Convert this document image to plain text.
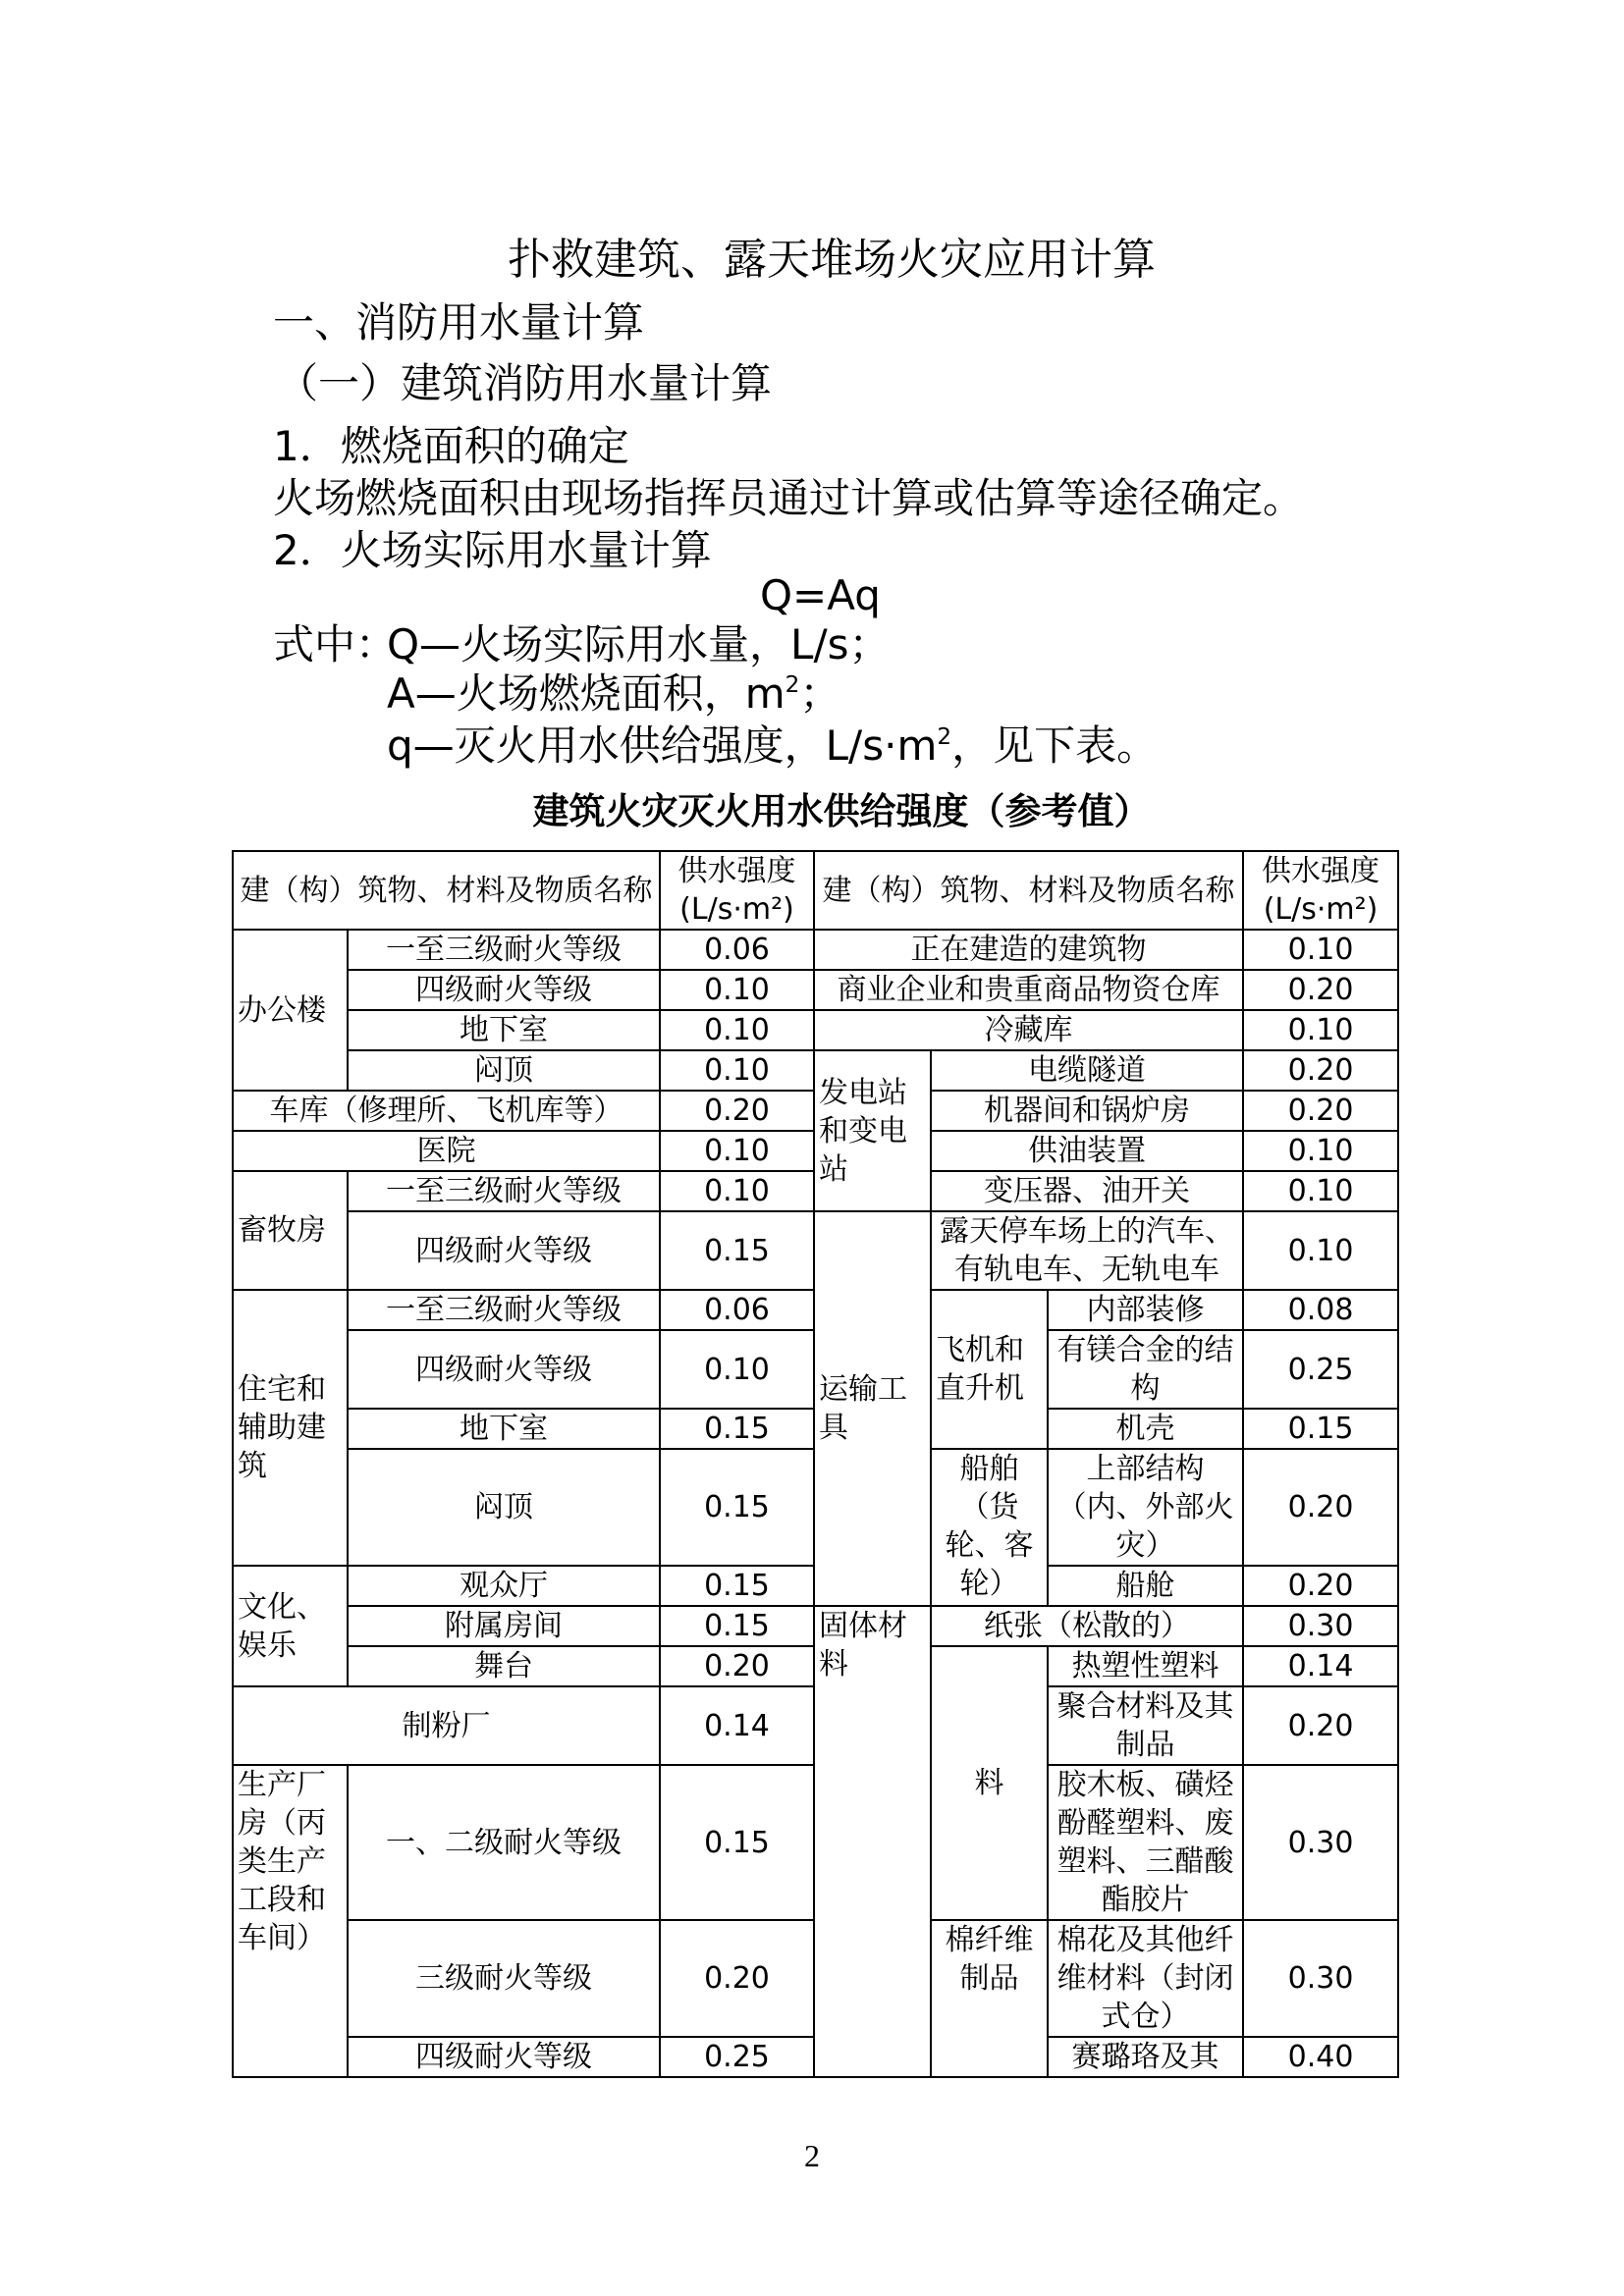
扑救建筑、露天堆场火灾应用计算
一、消防用水量计算
（一）建筑消防用水量计算
1．燃烧面积的确定
火场燃烧面积由现场指挥员通过计算或估算等途径确定。
2．火场实际用水量计算
Q=Aq
式中：
Q—火场实际用水量，L/s；
A—火场燃烧面积，$m^2$；
q—灭火用水供给强度，$L/s\cdot m^2$，见下表。
建筑火灾灭火用水供给强度（参考值）
建（构）筑物、材料及物质名称		供水强度(L/s·m²)	建（构）筑物、材料及物质名称			供水强度(L/s·m²)
办公楼	一至三级耐火等级	0.06	正在建造的建筑物			0.10
	四级耐火等级	0.10	商业企业和贵重商品物资仓库			0.20
	地下室	0.10	冷藏库			0.10
	闷顶	0.10	发电站和变电站	电缆隧道		0.20
车库（修理所、飞机库等）		0.20		机器间和锅炉房		0.20
医院		0.10		供油装置		0.10
畜牧房	一至三级耐火等级	0.10		变压器、油开关		0.10
	四级耐火等级	0.15	运输工具	露天停车场上的汽车、有轨电车、无轨电车		0.10
住宅和辅助建筑	一至三级耐火等级	0.06		飞机和直升机	内部装修	0.08
	四级耐火等级	0.10			有镁合金的结构	0.25
	地下室	0.15			机壳	0.15
	闷顶	0.15		船舶（货轮、客轮）	上部结构（内、外部火灾）	0.20
文化、娱乐	观众厅	0.15			船舱	0.20
	附属房间	0.15	固体材料	纸张（松散的）		0.30
	舞台	0.20		料	热塑性塑料	0.14
制粉厂		0.14			聚合材料及其制品	0.20
生产厂房（丙类生产工段和车间）	一、二级耐火等级	0.15			胶木板、磺烃酚醛塑料、废塑料、三醋酸酯胶片	0.30
	三级耐火等级	0.20		棉纤维制品	棉花及其他纤维材料（封闭式仓）	0.30
	四级耐火等级	0.25			赛璐珞及其	0.40
2
